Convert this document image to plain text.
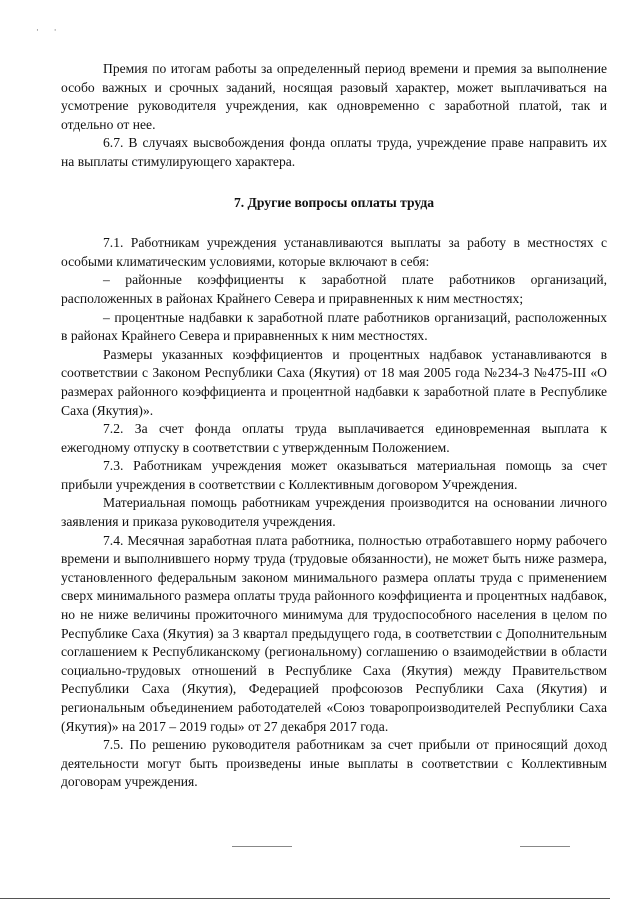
· ·

Премия по итогам работы за определенный период времени и премия за выполнение особо важных и срочных заданий, носящая разовый характер, может выплачиваться на усмотрение руководителя учреждения, как одновременно с заработной платой, так и отдельно от нее.

6.7. В случаях высвобождения фонда оплаты труда, учреждение праве направить их на выплаты стимулирующего характера.

7. Другие вопросы оплаты труда

7.1. Работникам учреждения устанавливаются выплаты за работу в местностях с особыми климатическим условиями, которые включают в себя:

– районные коэффициенты к заработной плате работников организаций, расположенных в районах Крайнего Севера и приравненных к ним местностях;

– процентные надбавки к заработной плате работников организаций, расположенных в районах Крайнего Севера и приравненных к ним местностях.

Размеры указанных коэффициентов и процентных надбавок устанавливаются в соответствии с Законом Республики Саха (Якутия) от 18 мая 2005 года №234-З №475-III «О размерах районного коэффициента и процентной надбавки к заработной плате в Республике Саха (Якутия)».

7.2. За счет фонда оплаты труда выплачивается единовременная выплата к ежегодному отпуску в соответствии с утвержденным Положением.

7.3. Работникам учреждения может оказываться материальная помощь за счет прибыли учреждения в соответствии с Коллективным договором Учреждения.

Материальная помощь работникам учреждения производится на основании личного заявления и приказа руководителя учреждения.

7.4. Месячная заработная плата работника, полностью отработавшего норму рабочего времени и выполнившего норму труда (трудовые обязанности), не может быть ниже размера, установленного федеральным законом минимального размера оплаты труда с применением сверх минимального размера оплаты труда районного коэффициента и процентных надбавок, но не ниже величины прожиточного минимума для трудоспособного населения в целом по Республике Саха (Якутия) за 3 квартал предыдущего года, в соответствии с Дополнительным соглашением к Республиканскому (региональному) соглашению о взаимодействии в области социально-трудовых отношений в Республике Саха (Якутия) между Правительством Республики Саха (Якутия), Федерацией профсоюзов Республики Саха (Якутия) и региональным объединением работодателей «Союз товаропроизводителей Республики Саха (Якутия)» на 2017 – 2019 годы» от 27 декабря 2017 года.

7.5. По решению руководителя работникам за счет прибыли от приносящий доход деятельности могут быть произведены иные выплаты в соответствии с Коллективным договорам учреждения.
